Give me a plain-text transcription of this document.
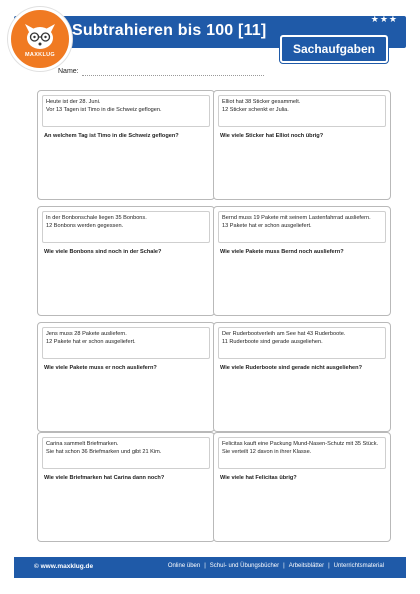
Subtrahieren bis 100 [11]
★★★
Sachaufgaben
MAXKLUG
Name:
Heute ist der 28. Juni.
Vor 13 Tagen ist Timo in die Schweiz geflogen.
An welchem Tag ist Timo in die Schweiz geflogen?
Elliot hat 38 Sticker gesammelt.
12 Sticker schenkt er Julia.
Wie viele Sticker hat Elliot noch übrig?
In der Bonbonschale liegen 35 Bonbons.
12 Bonbons werden gegessen.
Wie viele Bonbons sind noch in der Schale?
Bernd muss 19 Pakete mit seinem Lastenfahrrad ausliefern.
13 Pakete hat er schon ausgeliefert.
Wie viele Pakete muss Bernd noch ausliefern?
Jens muss 28 Pakete ausliefern.
12 Pakete hat er schon ausgeliefert.
Wie viele Pakete muss er noch ausliefern?
Der Ruderbootverleih am See hat 43 Ruderboote.
11 Ruderboote sind gerade ausgeliehen.
Wie viele Ruderboote sind gerade nicht ausgeliehen?
Carina sammelt Briefmarken.
Sie hat schon 36 Briefmarken und gibt 21 Kim.
Wie viele Briefmarken hat Carina dann noch?
Felicitas kauft eine Packung Mund-Nasen-Schutz mit 35 Stück.
Sie verteilt 12 davon in ihrer Klasse.
Wie viele hat Felicitas übrig?
© www.maxklug.de	Online üben | Schul- und Übungsbücher | Arbeitsblätter | Unterrichtsmaterial
